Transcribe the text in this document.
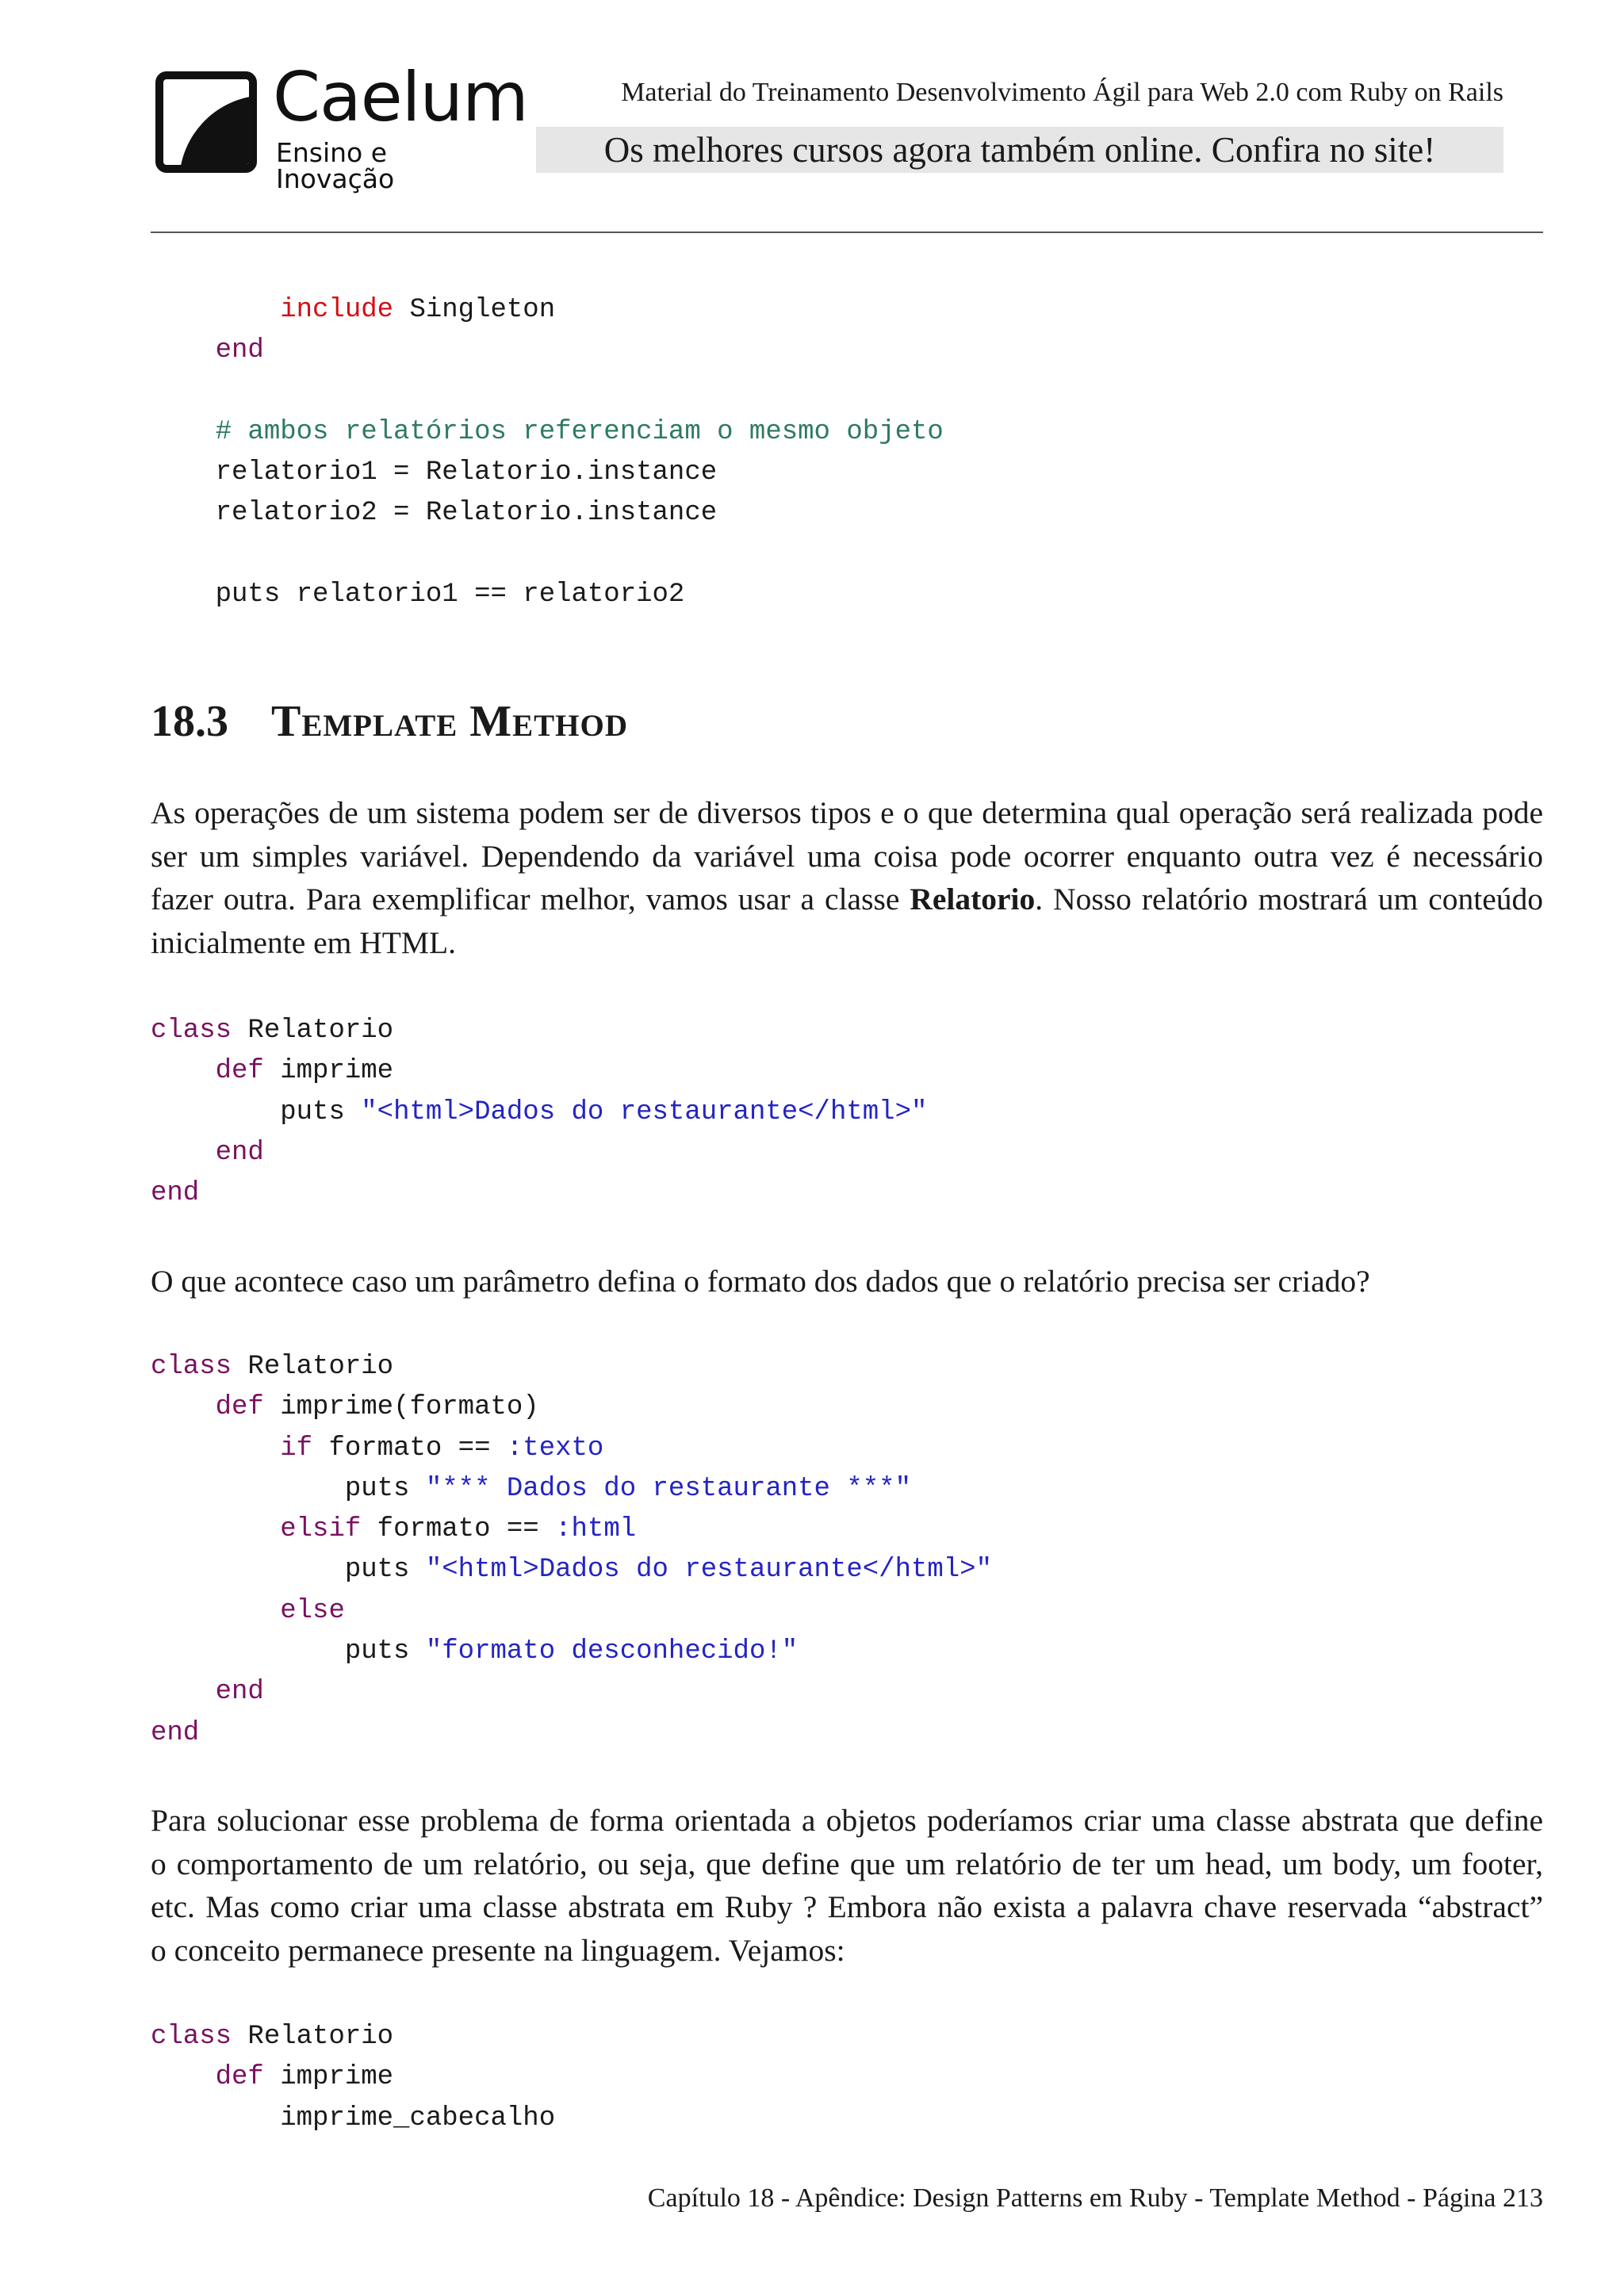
✱ Caelum
Ensino e Inovação
Material do Treinamento Desenvolvimento Ágil para Web 2.0 com Ruby on Rails
Os melhores cursos agora também online. Confira no site!
include Singleton
end

# ambos relatórios referenciam o mesmo objeto
relatorio1 = Relatorio.instance
relatorio2 = Relatorio.instance

puts relatorio1 == relatorio2
18.3 Template Method
As operações de um sistema podem ser de diversos tipos e o que determina qual operação será realizada pode
ser um simples variável. Dependendo da variável uma coisa pode ocorrer enquanto outra vez é necessário
fazer outra. Para exemplificar melhor, vamos usar a classe Relatorio. Nosso relatório mostrará um conteúdo
inicialmente em HTML.
class Relatorio
def imprime
puts "<html>Dados do restaurante</html>"
end
end
O que acontece caso um parâmetro defina o formato dos dados que o relatório precisa ser criado?
class Relatorio
def imprime(formato)
if formato == :texto
puts "*** Dados do restaurante ***"
elsif formato == :html
puts "<html>Dados do restaurante</html>"
else
puts "formato desconhecido!"
end
end
Para solucionar esse problema de forma orientada a objetos poderíamos criar uma classe abstrata que define
o comportamento de um relatório, ou seja, que define que um relatório de ter um head, um body, um footer,
etc. Mas como criar uma classe abstrata em Ruby ? Embora não exista a palavra chave reservada “abstract”
o conceito permanece presente na linguagem. Vejamos:
class Relatorio
def imprime
imprime_cabecalho
Capítulo 18 - Apêndice: Design Patterns em Ruby - Template Method - Página 213
